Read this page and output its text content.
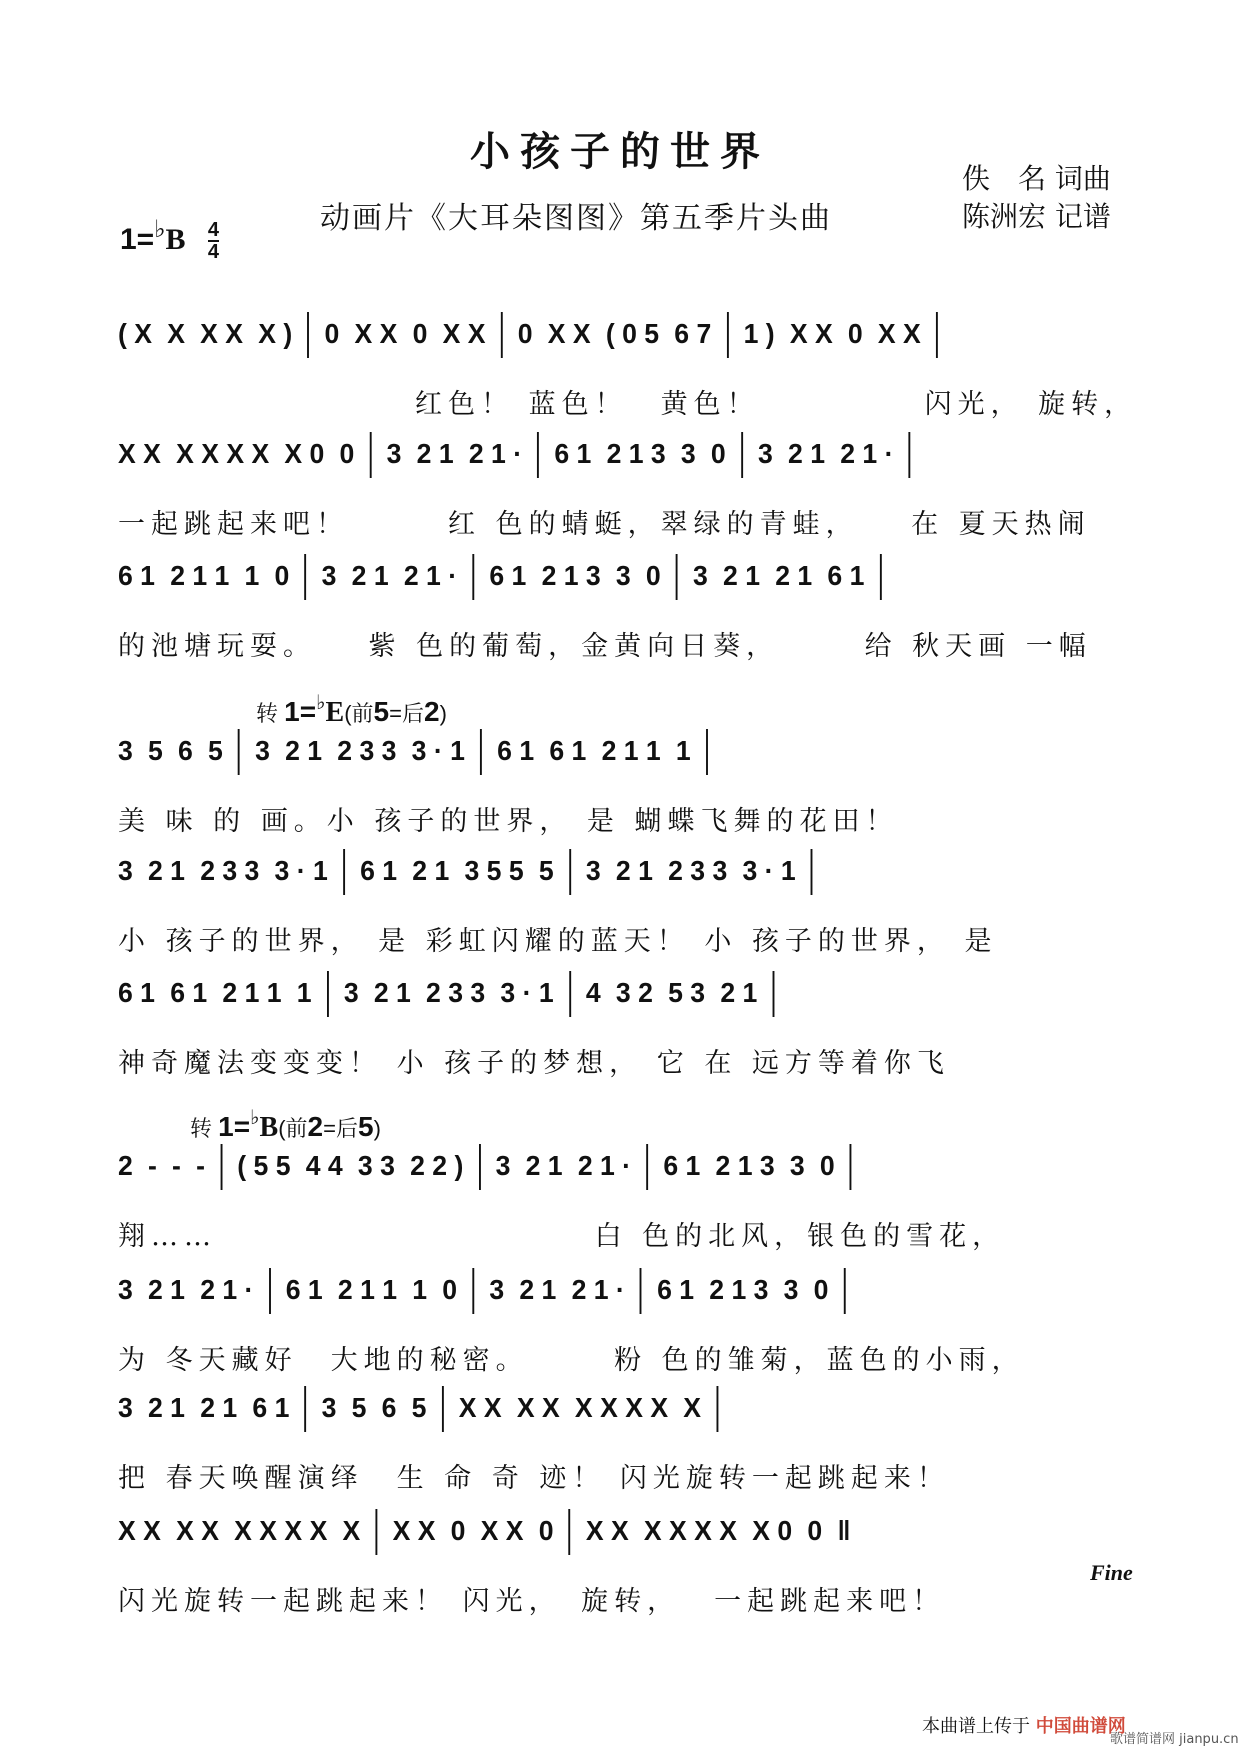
小孩子的世界
动画片《大耳朵图图》第五季片头曲
佚　名 词曲
陈洲宏 记谱
$1=^♭B \frac{4}{4}$
( X X X X X ) 0 X X 0 X X 0 X X ( 0 5 6 7 1 ) X X 0 X X
　　　　　　　　　红色！ 蓝色！　黄色！　　　　　闪光， 旋转，
X X X X X X X 0 0 3 2 1 2 1 · 6 1 2 1 3 3 0 3 2 1 2 1 ·
一起跳起来吧！　　　红 色的蜻蜓，翠绿的青蛙，　　在 夏天热闹
6 1 2 1 1 1 0 3 2 1 2 1 · 6 1 2 1 3 3 0 3 2 1 2 1 6 1
的池塘玩耍。　　紫 色的葡萄，金黄向日葵，　　　给 秋天画 一幅
转 1=♭E(前5=后2)
3 5 6 5 3 2 1 2 3 3 3 · 1 6 1 6 1 2 1 1 1
美 味 的 画。小 孩子的世界， 是 蝴蝶飞舞的花田！
3 2 1 2 3 3 3 · 1 6 1 2 1 3 5 5 5 3 2 1 2 3 3 3 · 1
小 孩子的世界， 是 彩虹闪耀的蓝天！ 小 孩子的世界， 是
6 1 6 1 2 1 1 1 3 2 1 2 3 3 3 · 1 4 3 2 5 3 2 1
神奇魔法变变变！ 小 孩子的梦想， 它 在 远方等着你飞
转 1=♭B(前2=后5)
2 - - - ( 5 5 4 4 3 3 2 2 ) 3 2 1 2 1 · 6 1 2 1 3 3 0
翔……　　　　　　　　　　　 白 色的北风，银色的雪花，
3 2 1 2 1 · 6 1 2 1 1 1 0 3 2 1 2 1 · 6 1 2 1 3 3 0
为 冬天藏好　大地的秘密。　　　粉 色的雏菊，蓝色的小雨，
3 2 1 2 1 6 1 3 5 6 5 X X X X X X X X X
把 春天唤醒演绎　生 命 奇 迹！ 闪光旋转一起跳起来！
X X X X X X X X X X X 0 X X 0 X X X X X X X 0 0 ‖
闪光旋转一起跳起来！ 闪光，　旋转，　 一起跳起来吧！
Fine
本曲谱上传于 中国曲谱网
歌谱简谱网 jianpu.cn
